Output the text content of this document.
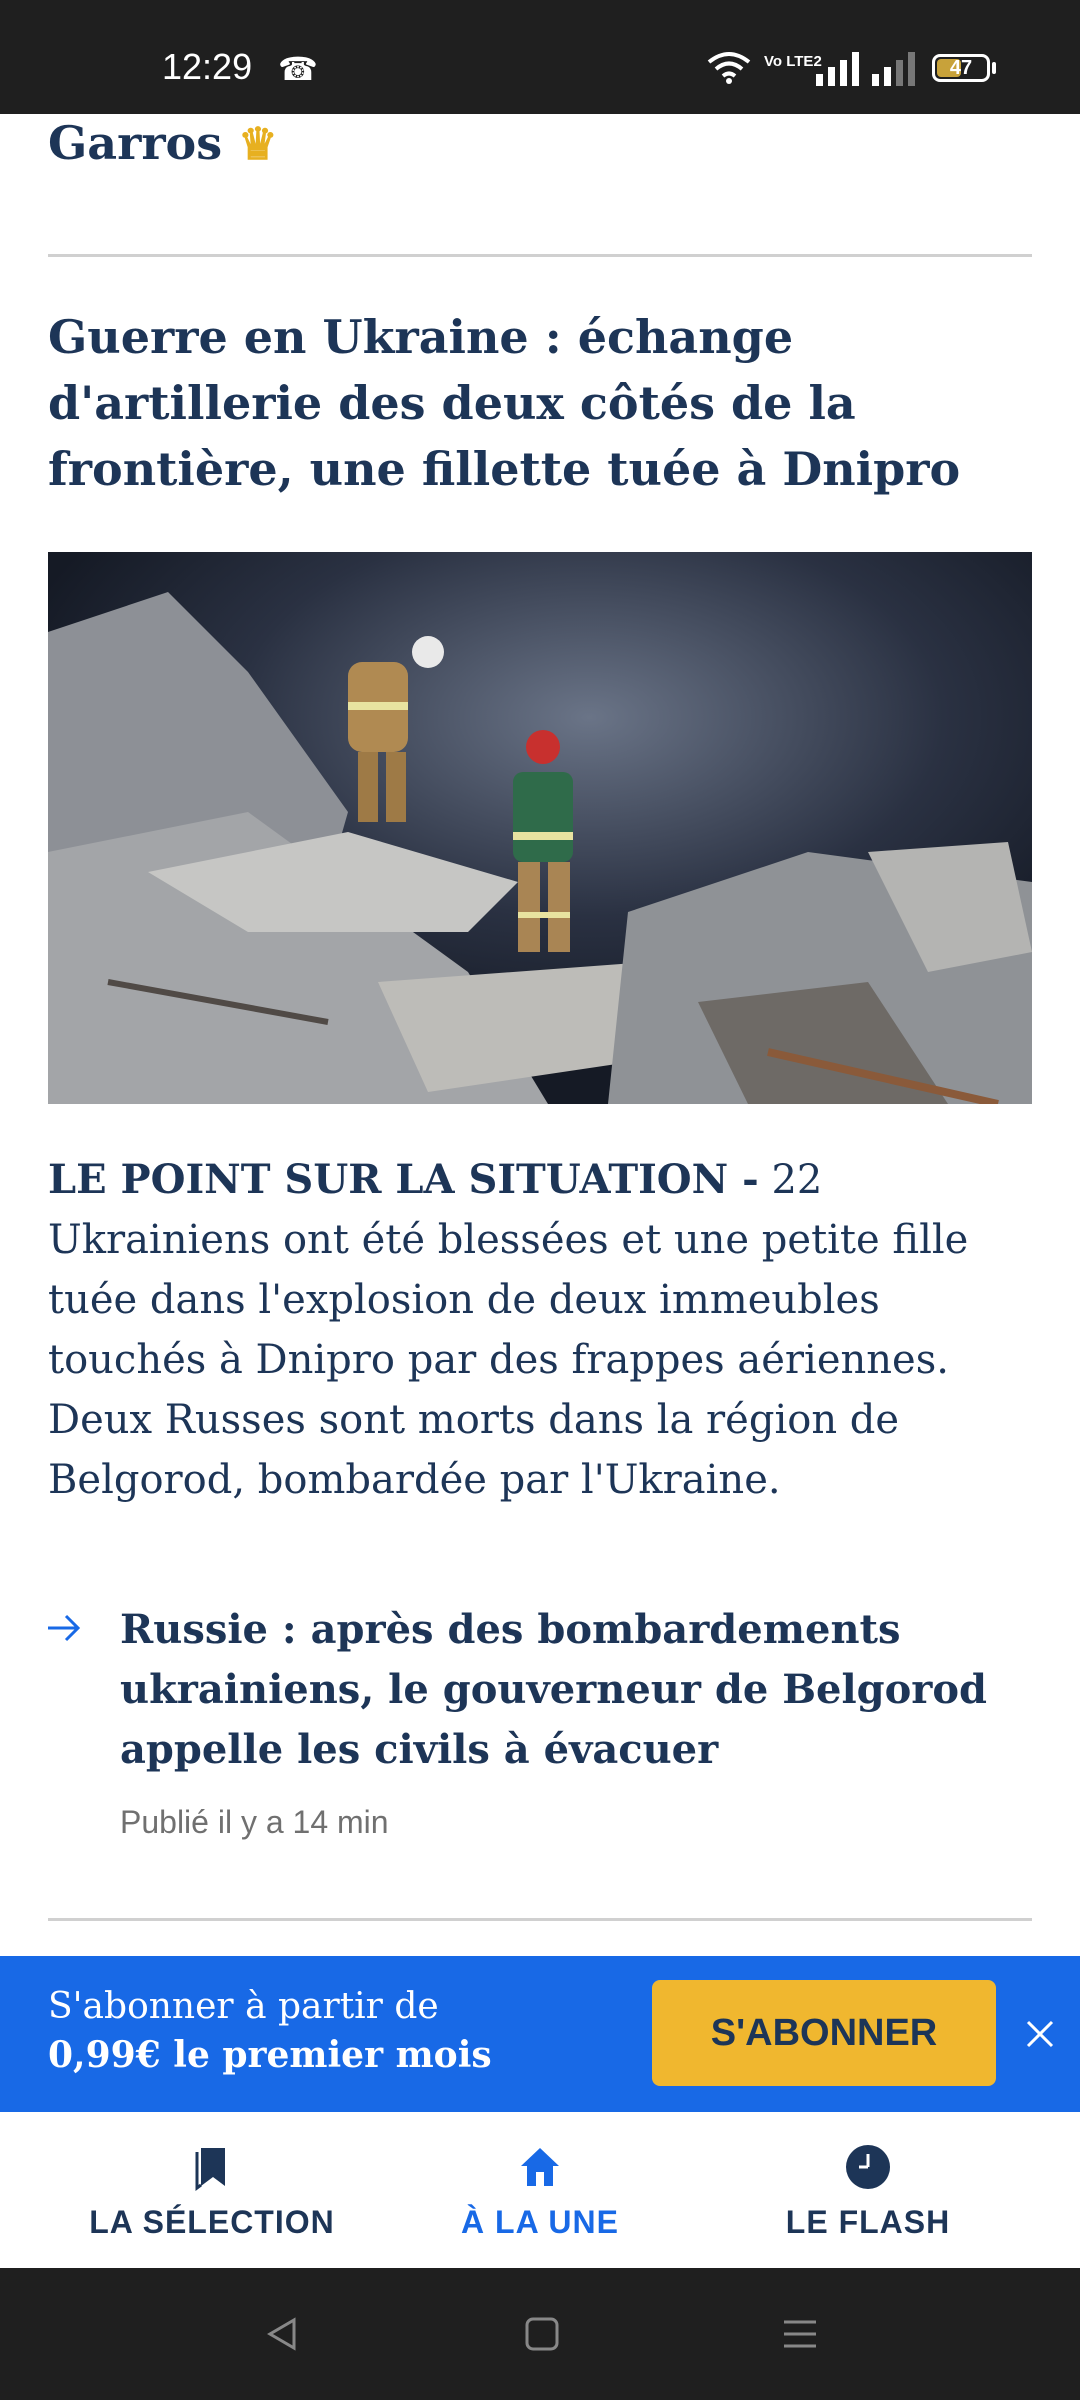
12:29 ☎	Vo LTE2	47

Garros ♛
Guerre en Ukraine : échange d'artillerie des deux côtés de la frontière, une fillette tuée à Dnipro
LE POINT SUR LA SITUATION - 22 Ukrainiens ont été blessées et une petite fille tuée dans l'explosion de deux immeubles touchés à Dnipro par des frappes aériennes. Deux Russes sont morts dans la région de Belgorod, bombardée par l'Ukraine.
Russie : après des bombardements ukrainiens, le gouverneur de Belgorod appelle les civils à évacuer
Publié il y a 14 min
S'abonner à partir de
0,99€ le premier mois
S'ABONNER
LA SÉLECTION	À LA UNE	LE FLASH
